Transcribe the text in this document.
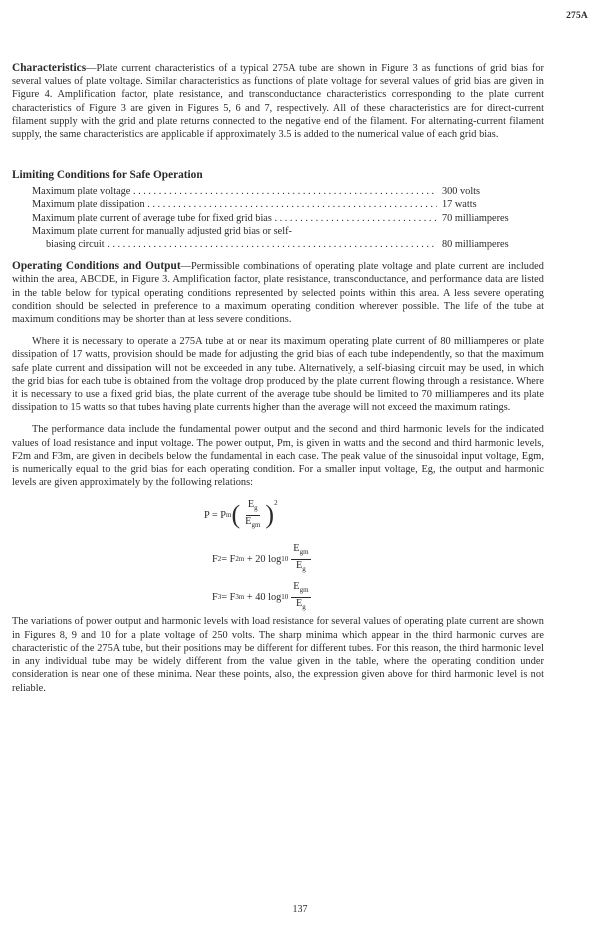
275A

Characteristics—Plate current characteristics of a typical 275A tube are shown in Figure 3 as functions of grid bias for several values of plate voltage. Similar characteristics as functions of plate voltage for several values of grid bias are given in Figure 4. Amplification factor, plate resistance, and transconductance characteristics corresponding to the plate current characteristics of Figure 3 are given in Figures 5, 6 and 7, respectively. All of these characteristics are for direct-current filament supply with the grid and plate returns connected to the negative end of the filament. For alternating-current filament supply, the same characteristics are applicable if approximately 3.5 is added to the numerical value of each grid bias.

Limiting Conditions for Safe Operation
Maximum plate voltage . . .	300 volts
Maximum plate dissipation . . .	17 watts
Maximum plate current of average tube for fixed grid bias . . .	70 milliamperes
Maximum plate current for manually adjusted grid bias or self-
biasing circuit . . .	80 milliamperes

Operating Conditions and Output—Permissible combinations of operating plate voltage and plate current are included within the area, ABCDE, in Figure 3. Amplification factor, plate resistance, transconductance, and performance data are listed in the table below for typical operating conditions represented by selected points within this area. A less severe operating condition should be selected in preference to a maximum operating condition wherever possible. The life of the tube at maximum conditions may be shorter than at less severe conditions.

Where it is necessary to operate a 275A tube at or near its maximum operating plate current of 80 milliamperes or plate dissipation of 17 watts, provision should be made for adjusting the grid bias of each tube independently, so that the maximum safe plate current and dissipation will not be exceeded in any tube. Alternatively, a self-biasing circuit may be used, in which the grid bias for each tube is obtained from the voltage drop produced by the plate current flowing through a resistance. Where it is necessary to use a fixed grid bias, the plate current of the average tube should be limited to 70 milliamperes and its plate dissipation to 15 watts so that tubes having plate currents higher than the average will not exceed the maximum ratings.

The performance data include the fundamental power output and the second and third harmonic levels for the indicated values of load resistance and input voltage. The power output, Pm, is given in watts and the second and third harmonic levels, F2m and F3m, are given in decibels below the fundamental in each case. The peak value of the sinusoidal input voltage, Egm, is numerically equal to the grid bias for each operating condition. For a smaller input voltage, Eg, the output and harmonic levels are given approximately by the following relations:

P = P m ( $\frac{E_g}{E_{gm}}$ ) 2
F 2 = F 2m + 20 $\log 10 \frac{E_{gm}}{E_g}$
F 3 = F 3m + 40 $\log 10 \frac{E_{gm}}{E_g}$

The variations of power output and harmonic levels with load resistance for several values of operating plate current are shown in Figures 8, 9 and 10 for a plate voltage of 250 volts. The sharp minima which appear in the third harmonic curves are characteristic of the 275A tube, but their positions may be different for different tubes. For this reason, the third harmonic level in any individual tube may be widely different from the value given in the table, where the operating condition under consideration is near one of these minima. Near these points, also, the expression given above for third harmonic level is not reliable.

137
